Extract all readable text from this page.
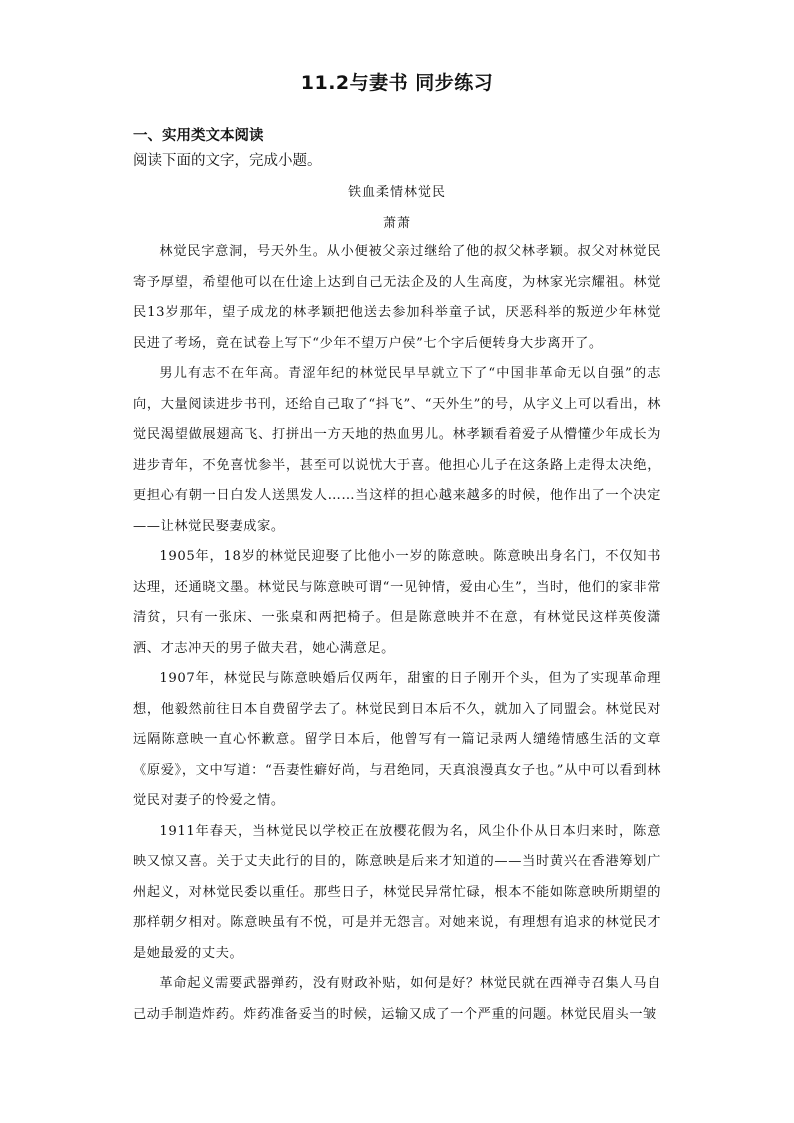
11.2与妻书 同步练习
一、实用类文本阅读
阅读下面的文字，完成小题。
铁血柔情林觉民
萧萧

林觉民字意洞，号天外生。从小便被父亲过继给了他的叔父林孝颖。叔父对林觉民寄予厚望，希望他可以在仕途上达到自己无法企及的人生高度，为林家光宗耀祖。林觉民13岁那年，望子成龙的林孝颖把他送去参加科举童子试，厌恶科举的叛逆少年林觉民进了考场，竟在试卷上写下“少年不望万户侯”七个字后便转身大步离开了。

男儿有志不在年高。青涩年纪的林觉民早早就立下了“中国非革命无以自强”的志向，大量阅读进步书刊，还给自己取了“抖飞”、“天外生”的号，从字义上可以看出，林觉民渴望做展翅高飞、打拼出一方天地的热血男儿。林孝颖看着爱子从懵懂少年成长为进步青年，不免喜忧参半，甚至可以说忧大于喜。他担心儿子在这条路上走得太决绝，更担心有朝一日白发人送黑发人……当这样的担心越来越多的时候，他作出了一个决定——让林觉民娶妻成家。

1905年，18岁的林觉民迎娶了比他小一岁的陈意映。陈意映出身名门，不仅知书达理，还通晓文墨。林觉民与陈意映可谓“一见钟情，爱由心生”，当时，他们的家非常清贫，只有一张床、一张桌和两把椅子。但是陈意映并不在意，有林觉民这样英俊潇洒、才志冲天的男子做夫君，她心满意足。

1907年，林觉民与陈意映婚后仅两年，甜蜜的日子刚开个头，但为了实现革命理想，他毅然前往日本自费留学去了。林觉民到日本后不久，就加入了同盟会。林觉民对远隔陈意映一直心怀歉意。留学日本后，他曾写有一篇记录两人缱绻情感生活的文章《原爱》，文中写道：“吾妻性癖好尚，与君绝同，天真浪漫真女子也。”从中可以看到林觉民对妻子的怜爱之情。

1911年春天，当林觉民以学校正在放樱花假为名，风尘仆仆从日本归来时，陈意映又惊又喜。关于丈夫此行的目的，陈意映是后来才知道的——当时黄兴在香港筹划广州起义，对林觉民委以重任。那些日子，林觉民异常忙碌，根本不能如陈意映所期望的那样朝夕相对。陈意映虽有不悦，可是并无怨言。对她来说，有理想有追求的林觉民才是她最爱的丈夫。

革命起义需要武器弹药，没有财政补贴，如何是好？林觉民就在西禅寺召集人马自己动手制造炸药。炸药准备妥当的时候，运输又成了一个严重的问题。林觉民眉头一皱
